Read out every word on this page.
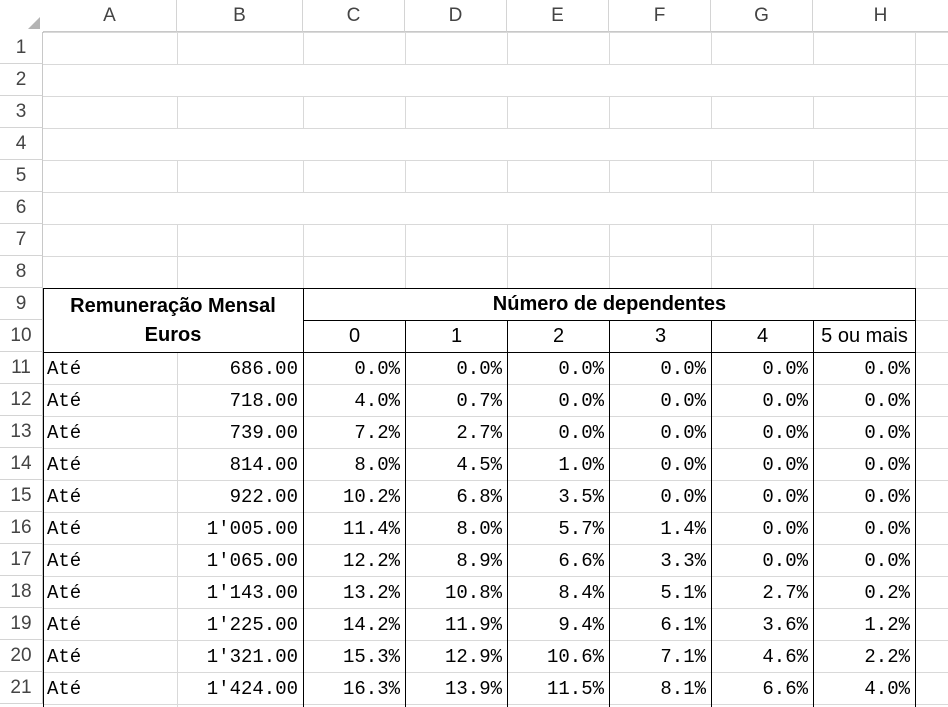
Remuneração Mensal
Euros
Número de dependentes
0	1	2	3	4	5 ou mais
Até	686.00	0.0%	0.0%	0.0%	0.0%	0.0%	0.0%
Até	718.00	4.0%	0.7%	0.0%	0.0%	0.0%	0.0%
Até	739.00	7.2%	2.7%	0.0%	0.0%	0.0%	0.0%
Até	814.00	8.0%	4.5%	1.0%	0.0%	0.0%	0.0%
Até	922.00	10.2%	6.8%	3.5%	0.0%	0.0%	0.0%
Até	1'005.00	11.4%	8.0%	5.7%	1.4%	0.0%	0.0%
Até	1'065.00	12.2%	8.9%	6.6%	3.3%	0.0%	0.0%
Até	1'143.00	13.2%	10.8%	8.4%	5.1%	2.7%	0.2%
Até	1'225.00	14.2%	11.9%	9.4%	6.1%	3.6%	1.2%
Até	1'321.00	15.3%	12.9%	10.6%	7.1%	4.6%	2.2%
Até	1'424.00	16.3%	13.9%	11.5%	8.1%	6.6%	4.0%
A	B	C	D	E	F	G	H
1
2
3
4
5
6
7
8
9
10
11
12
13
14
15
16
17
18
19
20
21
